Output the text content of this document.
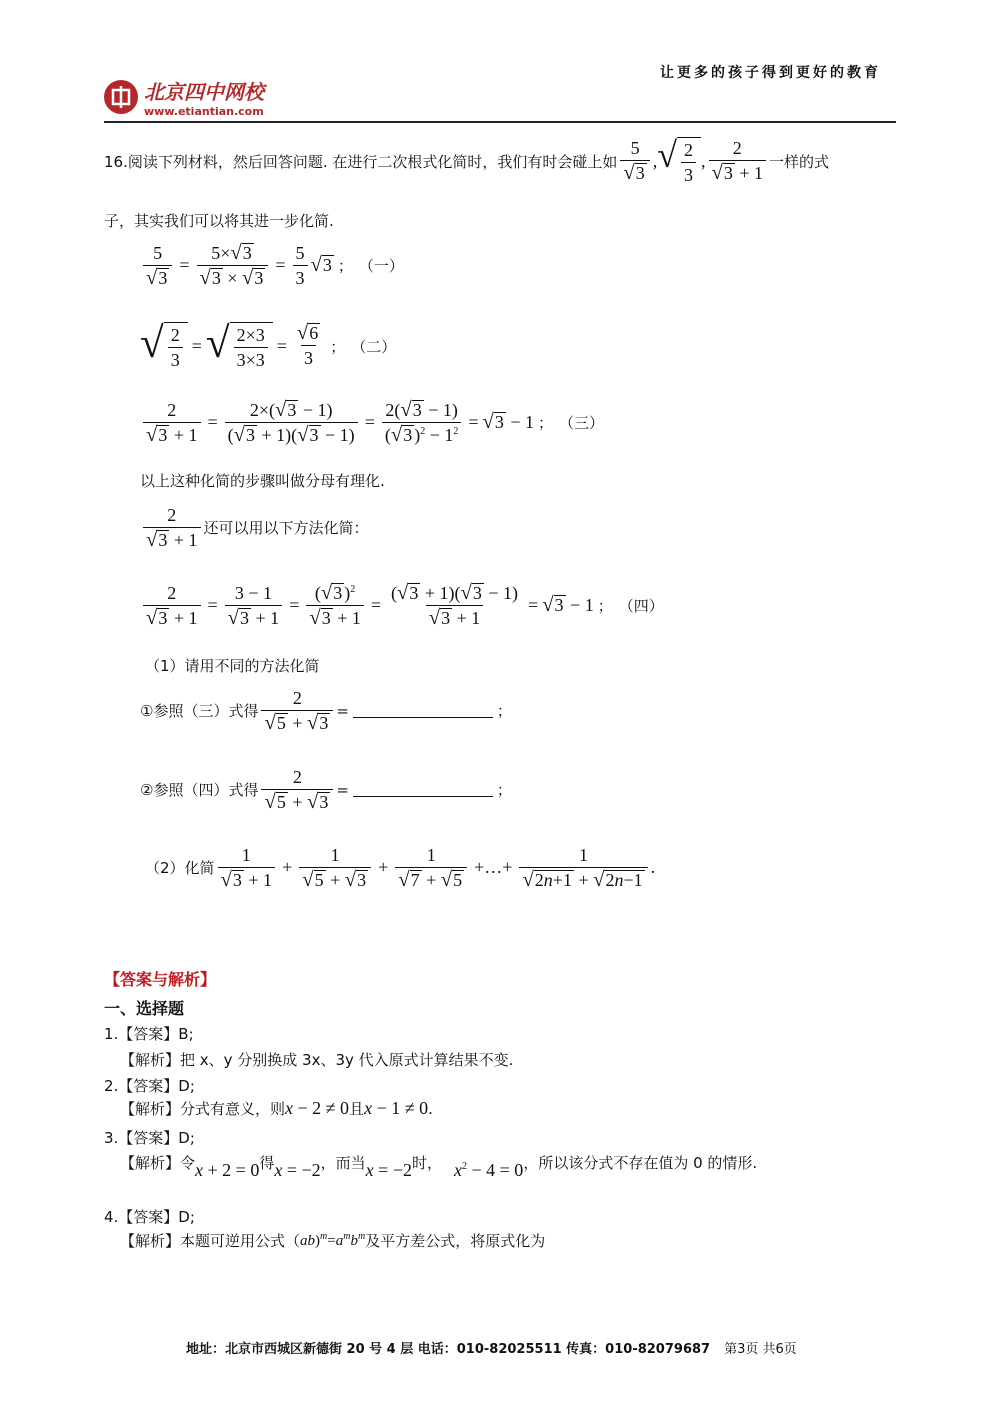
让更多的孩子得到更好的教育
北京四中网校
www.etiantian.com
16.阅读下列材料，然后回答问题. 在进行二次根式化简时，我们有时会碰上如 $\frac{5}{√ 3}$ , √ $\frac{2}{3}$ , $\frac{2}{√ 3 + 1}$ 一样的式
子，其实我们可以将其进一步化简.
$\frac{5}{√ 3} = \frac{5\times √ 3}{√ 3 \times √ 3} = \frac{5}{3}$ √ 3 ； （一）
√ $\frac{2}{3}$ = √ $\frac{2\times 3}{3\times 3} = \frac{√ 6}{3}$ ； （二）
$\frac{2}{√ 3 + 1} = \frac{2\times( √ 3 - 1)}{( √ 3 + 1)( √ 3 - 1)} = \frac{2( √ 3 - 1)}{( √ 3 )^2 - 1^2}$ = √ 3 − 1 ； （三）
以上这种化简的步骤叫做分母有理化.
$\frac{2}{√ 3 + 1}$ 还可以用以下方法化简：
$\frac{2}{√ 3 + 1} = \frac{3 - 1}{√ 3 + 1} = \frac{( √ 3 )^2}{√ 3 + 1} = \frac{( √ 3 + 1)( √ 3 - 1)}{√ 3 + 1}$ = √ 3 − 1 ； （四）
（1）请用不同的方法化简
①参照（三）式得 $\frac{2}{√ 5 + √ 3}$ =	；
②参照（四）式得 $\frac{2}{√ 5 + √ 3}$ =	；
（2）化简 $\frac{1}{√ 3 + 1} + \frac{1}{√ 5 + √ 3} + \frac{1}{√ 7 + √ 5}$ +…+ $\frac{1}{√ 2n+1 + √ 2n-1}$ .
【答案与解析】
一、选择题
1.【答案】B;
【解析】把 x、y 分别换成 3x、3y 代入原式计算结果不变.
2.【答案】D;
【解析】分式有意义，则 x − 2 ≠ 0 且 x − 1 ≠ 0 .
3.【答案】D;
【解析】令 x + 2 = 0 得 x = −2 ，而当 x = −2 时， $x^2 - 4 = 0$ ，所以该分式不存在值为 0 的情形.
4.【答案】D;
【解析】本题可逆用公式（ $ab)^m=a^mb^m$ 及平方差公式，将原式化为
地址：北京市西城区新德街 20 号 4 层 电话：010-82025511 传真：010-82079687 第3页 共6页
